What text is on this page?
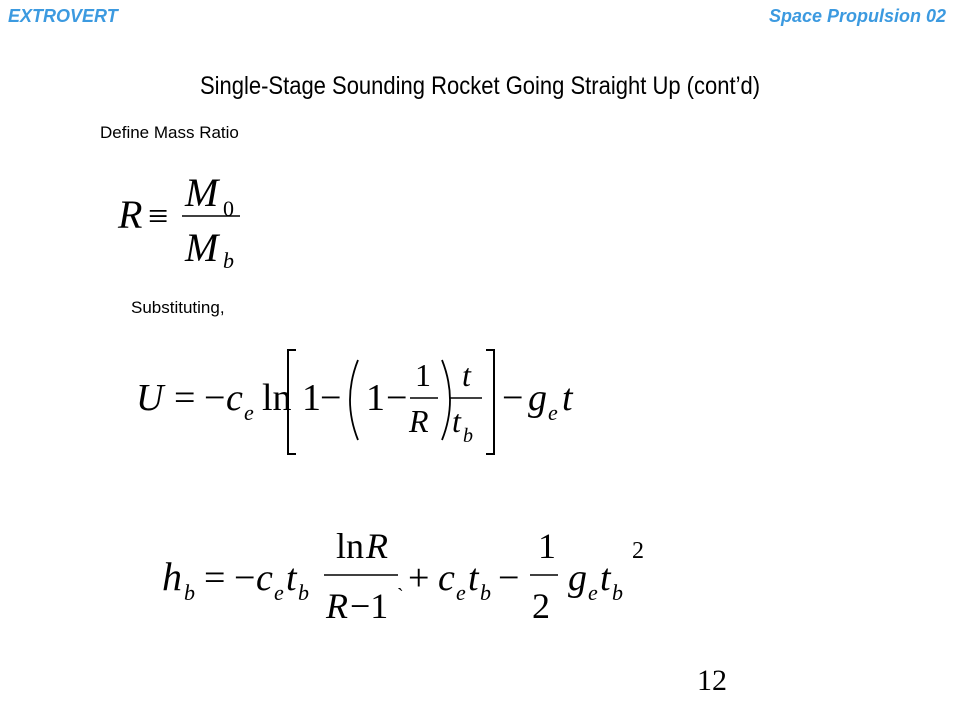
EXTROVERT	Space Propulsion 02
Single-Stage Sounding Rocket Going Straight Up (cont’d)
Define Mass Ratio
R ≡
M 0
M b
Substituting,
U = − c e ln 1 − 1 −
1
R
t
t b
− g e t
h b = − c e t b
ln R
R −1 ` + c e t b −
1
2
g e t b
2
12
